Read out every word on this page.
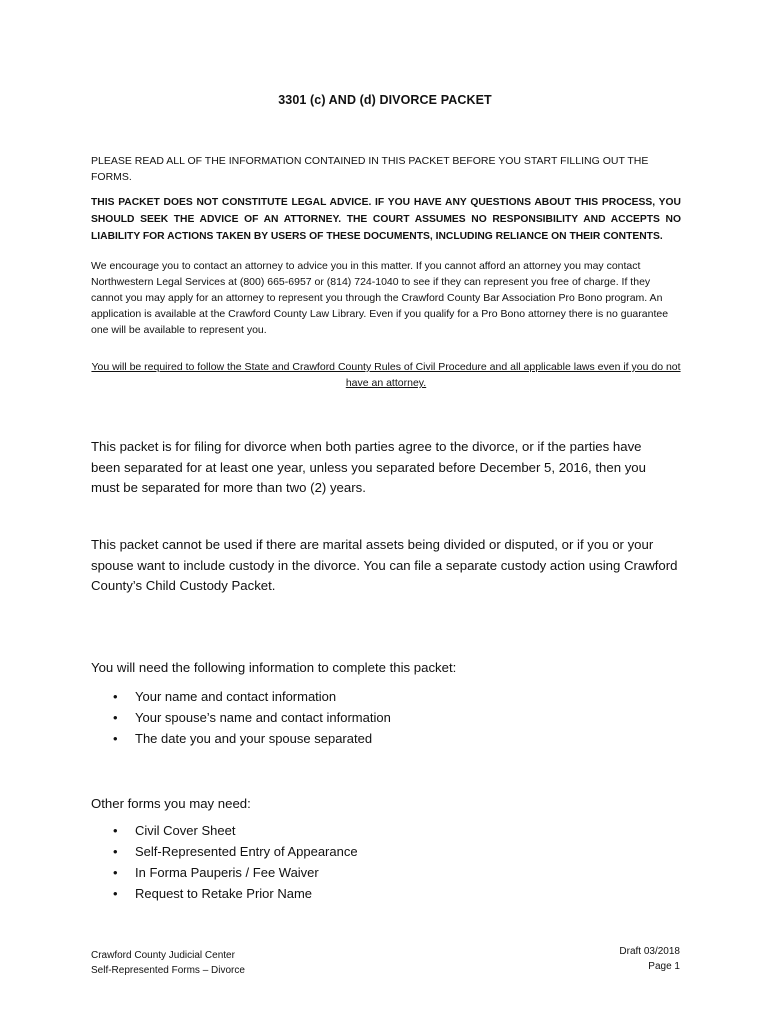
3301 (c) AND (d) DIVORCE PACKET
PLEASE READ ALL OF THE INFORMATION CONTAINED IN THIS PACKET BEFORE YOU START FILLING OUT THE FORMS.
THIS PACKET DOES NOT CONSTITUTE LEGAL ADVICE. IF YOU HAVE ANY QUESTIONS ABOUT THIS PROCESS, YOU SHOULD SEEK THE ADVICE OF AN ATTORNEY. THE COURT ASSUMES NO RESPONSIBILITY AND ACCEPTS NO LIABILITY FOR ACTIONS TAKEN BY USERS OF THESE DOCUMENTS, INCLUDING RELIANCE ON THEIR CONTENTS.
We encourage you to contact an attorney to advice you in this matter. If you cannot afford an attorney you may contact Northwestern Legal Services at (800) 665-6957 or (814) 724-1040 to see if they can represent you free of charge. If they cannot you may apply for an attorney to represent you through the Crawford County Bar Association Pro Bono program. An application is available at the Crawford County Law Library. Even if you qualify for a Pro Bono attorney there is no guarantee one will be available to represent you.
You will be required to follow the State and Crawford County Rules of Civil Procedure and all applicable laws even if you do not have an attorney.
This packet is for filing for divorce when both parties agree to the divorce, or if the parties have been separated for at least one year, unless you separated before December 5, 2016, then you must be separated for more than two (2) years.
This packet cannot be used if there are marital assets being divided or disputed, or if you or your spouse want to include custody in the divorce. You can file a separate custody action using Crawford County’s Child Custody Packet.
You will need the following information to complete this packet:
• Your name and contact information
• Your spouse’s name and contact information
• The date you and your spouse separated
Other forms you may need:
• Civil Cover Sheet
• Self-Represented Entry of Appearance
• In Forma Pauperis / Fee Waiver
• Request to Retake Prior Name
Crawford County Judicial Center
Self-Represented Forms – Divorce
Draft 03/2018
Page 1
